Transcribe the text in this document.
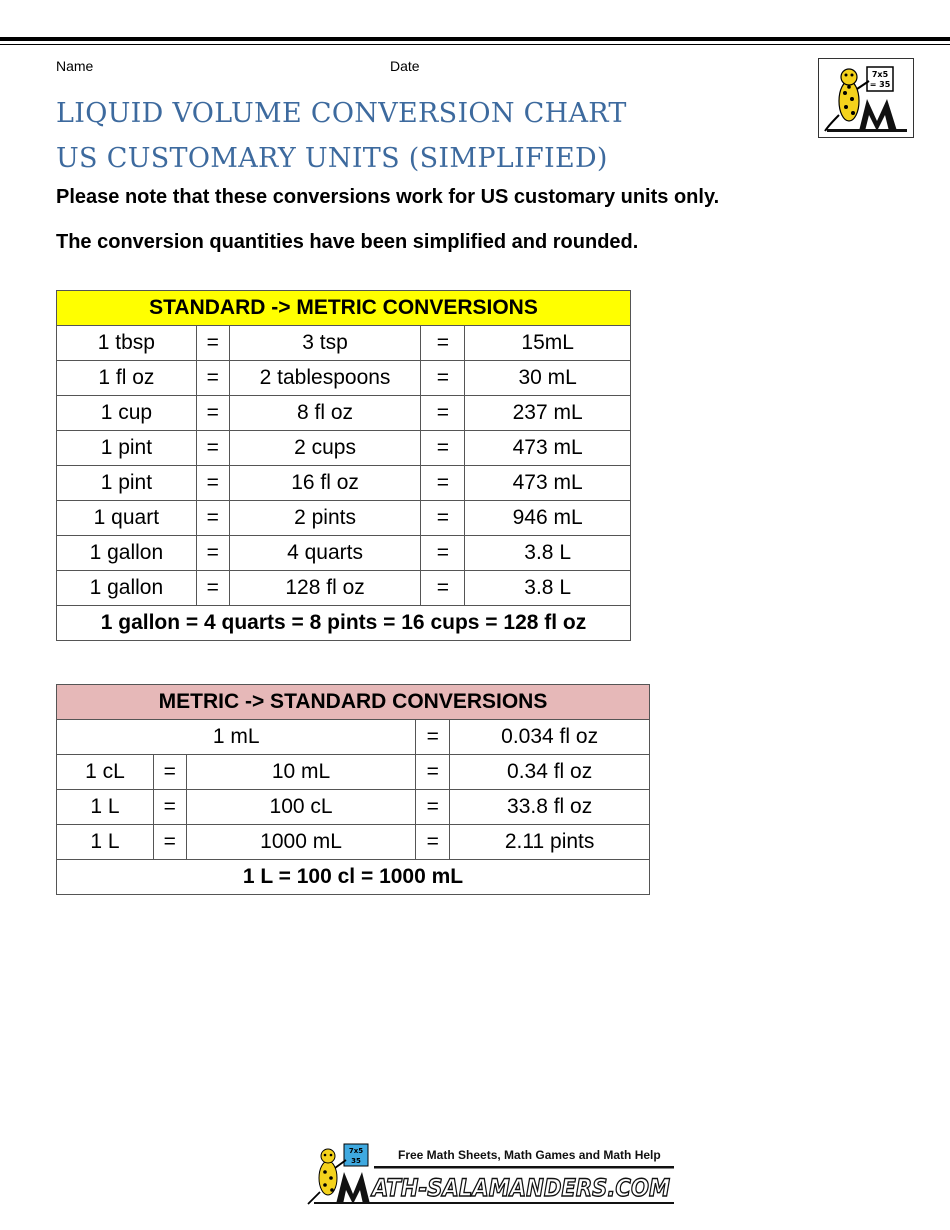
Name	Date
7x5
= 35
LIQUID VOLUME CONVERSION CHART
US CUSTOMARY UNITS (SIMPLIFIED)
Please note that these conversions work for US customary units only.
The conversion quantities have been simplified and rounded.
STANDARD -> METRIC CONVERSIONS				
1 tbsp	=	3 tsp	=	15mL
1 fl oz	=	2 tablespoons	=	30 mL
1 cup	=	8 fl oz	=	237 mL
1 pint	=	2 cups	=	473 mL
1 pint	=	16 fl oz	=	473 mL
1 quart	=	2 pints	=	946 mL
1 gallon	=	4 quarts	=	3.8 L
1 gallon	=	128 fl oz	=	3.8 L
1 gallon = 4 quarts = 8 pints = 16 cups = 128 fl oz				
METRIC -> STANDARD CONVERSIONS				
1 mL			=	0.034 fl oz
1 cL	=	10 mL	=	0.34 fl oz
1 L	=	100 cL	=	33.8 fl oz
1 L	=	1000 mL	=	2.11 pints
1 L = 100 cl = 1000 mL				
7x5
35	Free Math Sheets, Math Games and Math Help
ATH-SALAMANDERS.COM
